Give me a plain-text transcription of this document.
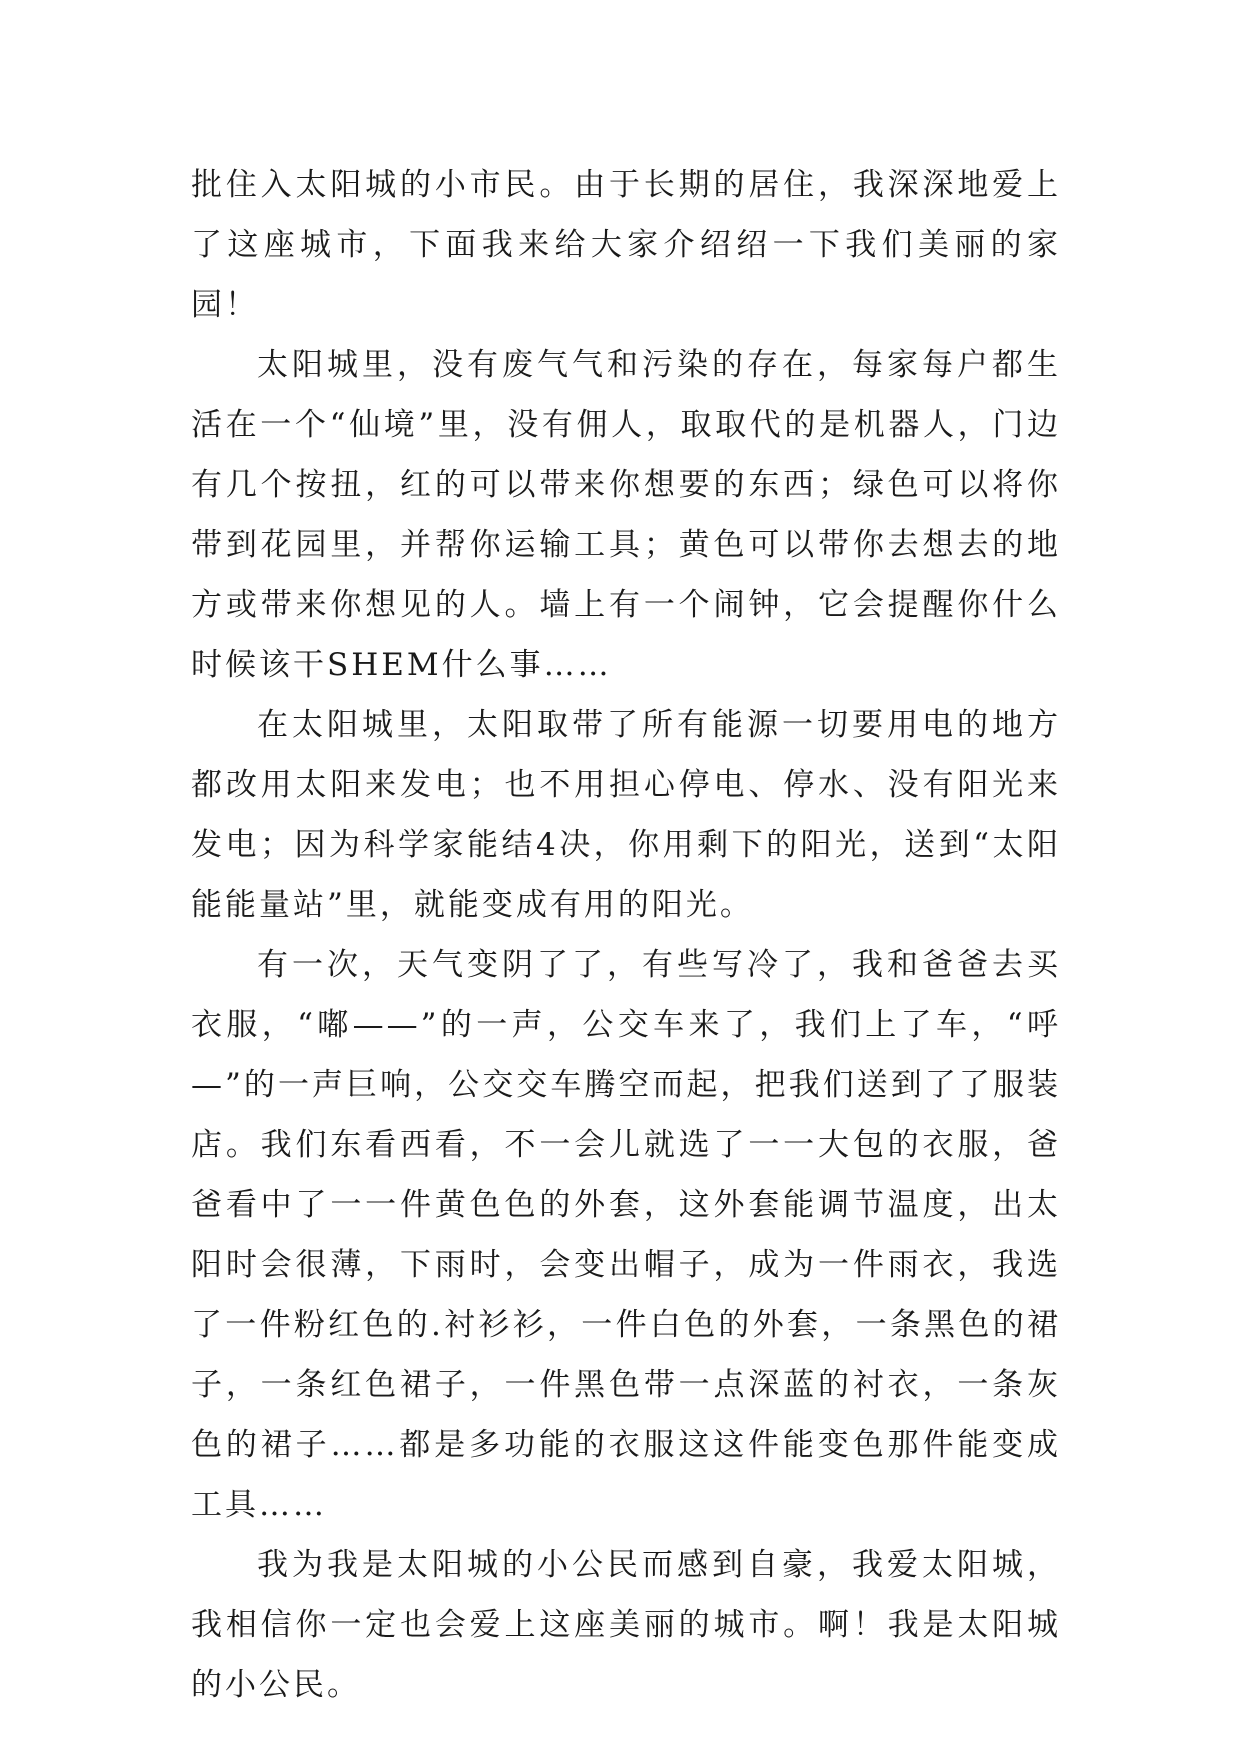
批住入太阳城的小市民。由于长期的居住，我深深地爱上了这座城市，下面我来给大家介绍绍一下我们美丽的家园！

太阳城里，没有废气气和污染的存在，每家每户都生活在一个“仙境”里，没有佣人，取取代的是机器人，门边有几个按扭，红的可以带来你想要的东西；绿色可以将你带到花园里，并帮你运输工具；黄色可以带你去想去的地方或带来你想见的人。墙上有一个闹钟，它会提醒你什么时候该干SHEM什么事……

在太阳城里，太阳取带了所有能源一切要用电的地方都改用太阳来发电；也不用担心停电、停水、没有阳光来发电；因为科学家能结4决，你用剩下的阳光，送到“太阳能能量站”里，就能变成有用的阳光。

有一次，天气变阴了了，有些写冷了，我和爸爸去买衣服，“嘟——”的一声，公交车来了，我们上了车，“呼—”的一声巨响，公交交车腾空而起，把我们送到了了服装店。我们东看西看，不一会儿就选了一一大包的衣服，爸爸看中了一一件黄色色的外套，这外套能调节温度，出太阳时会很薄，下雨时，会变出帽子，成为一件雨衣，我选了一件粉红色的.衬衫衫，一件白色的外套，一条黑色的裙子，一条红色裙子，一件黑色带一点深蓝的衬衣，一条灰色的裙子……都是多功能的衣服这这件能变色那件能变成工具……

我为我是太阳城的小公民而感到自豪，我爱太阳城，我相信你一定也会爱上这座美丽的城市。啊！我是太阳城的小公民。
